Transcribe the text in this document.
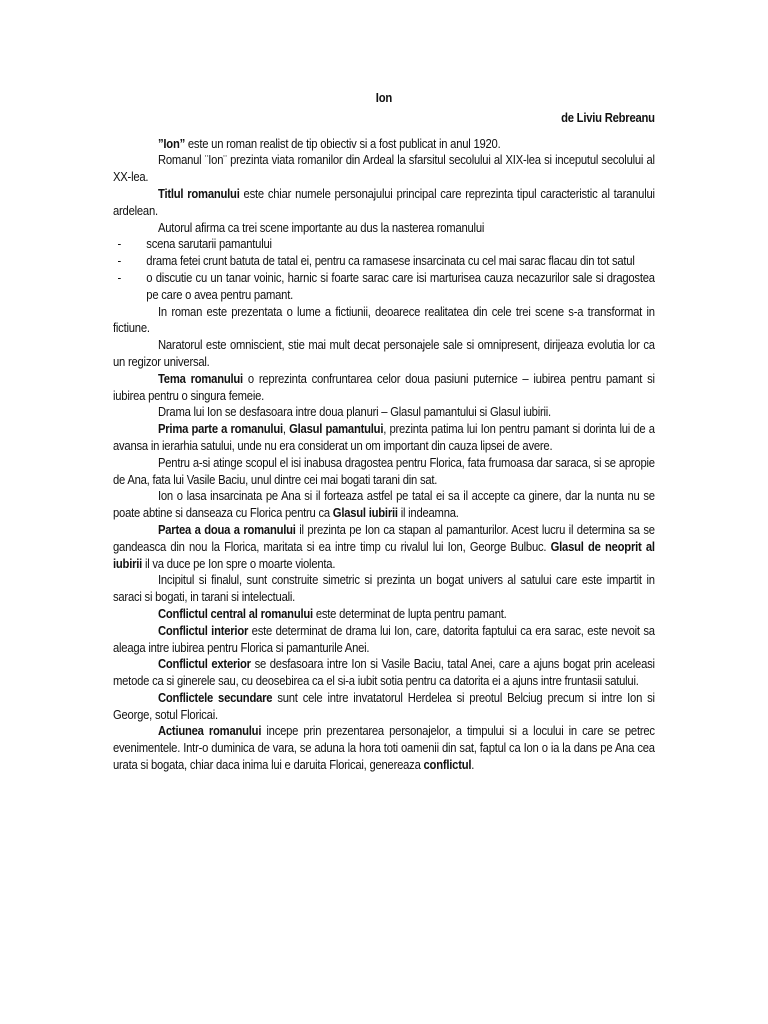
Ion
de Liviu Rebreanu

”Ion” este un roman realist de tip obiectiv si a fost publicat in anul 1920.

Romanul ¨Ion¨ prezinta viata romanilor din Ardeal la sfarsitul secolului al XIX-lea si inceputul secolului al XX-lea.

Titlul romanului este chiar numele personajului principal care reprezinta tipul caracteristic al taranului ardelean.

Autorul afirma ca trei scene importante au dus la nasterea romanului

- scena sarutarii pamantului
- drama fetei crunt batuta de tatal ei, pentru ca ramasese insarcinata cu cel mai sarac flacau din tot satul
- o discutie cu un tanar voinic, harnic si foarte sarac care isi marturisea cauza necazurilor sale si dragostea pe care o avea pentru pamant.

In roman este prezentata o lume a fictiunii, deoarece realitatea din cele trei scene s-a transformat in fictiune.

Naratorul este omniscient, stie mai mult decat personajele sale si omnipresent, dirijeaza evolutia lor ca un regizor universal.

Tema romanului o reprezinta confruntarea celor doua pasiuni puternice – iubirea pentru pamant si iubirea pentru o singura femeie.

Drama lui Ion se desfasoara intre doua planuri – Glasul pamantului si Glasul iubirii.

Prima parte a romanului, Glasul pamantului, prezinta patima lui Ion pentru pamant si dorinta lui de a avansa in ierarhia satului, unde nu era considerat un om important din cauza lipsei de avere.

Pentru a-si atinge scopul el isi inabusa dragostea pentru Florica, fata frumoasa dar saraca, si se apropie de Ana, fata lui Vasile Baciu, unul dintre cei mai bogati tarani din sat.

Ion o lasa insarcinata pe Ana si il forteaza astfel pe tatal ei sa il accepte ca ginere, dar la nunta nu se poate abtine si danseaza cu Florica pentru ca Glasul iubirii il indeamna.

Partea a doua a romanului il prezinta pe Ion ca stapan al pamanturilor. Acest lucru il determina sa se gandeasca din nou la Florica, maritata si ea intre timp cu rivalul lui Ion, George Bulbuc. Glasul de neoprit al iubirii il va duce pe Ion spre o moarte violenta.

Incipitul si finalul, sunt construite simetric si prezinta un bogat univers al satului care este impartit in saraci si bogati, in tarani si intelectuali.

Conflictul central al romanului este determinat de lupta pentru pamant.

Conflictul interior este determinat de drama lui Ion, care, datorita faptului ca era sarac, este nevoit sa aleaga intre iubirea pentru Florica si pamanturile Anei.

Conflictul exterior se desfasoara intre Ion si Vasile Baciu, tatal Anei, care a ajuns bogat prin aceleasi metode ca si ginerele sau, cu deosebirea ca el si-a iubit sotia pentru ca datorita ei a ajuns intre fruntasii satului.

Conflictele secundare sunt cele intre invatatorul Herdelea si preotul Belciug precum si intre Ion si George, sotul Floricai.

Actiunea romanului incepe prin prezentarea personajelor, a timpului si a locului in care se petrec evenimentele. Intr-o duminica de vara, se aduna la hora toti oamenii din sat, faptul ca Ion o ia la dans pe Ana cea urata si bogata, chiar daca inima lui e daruita Floricai, genereaza conflictul.
